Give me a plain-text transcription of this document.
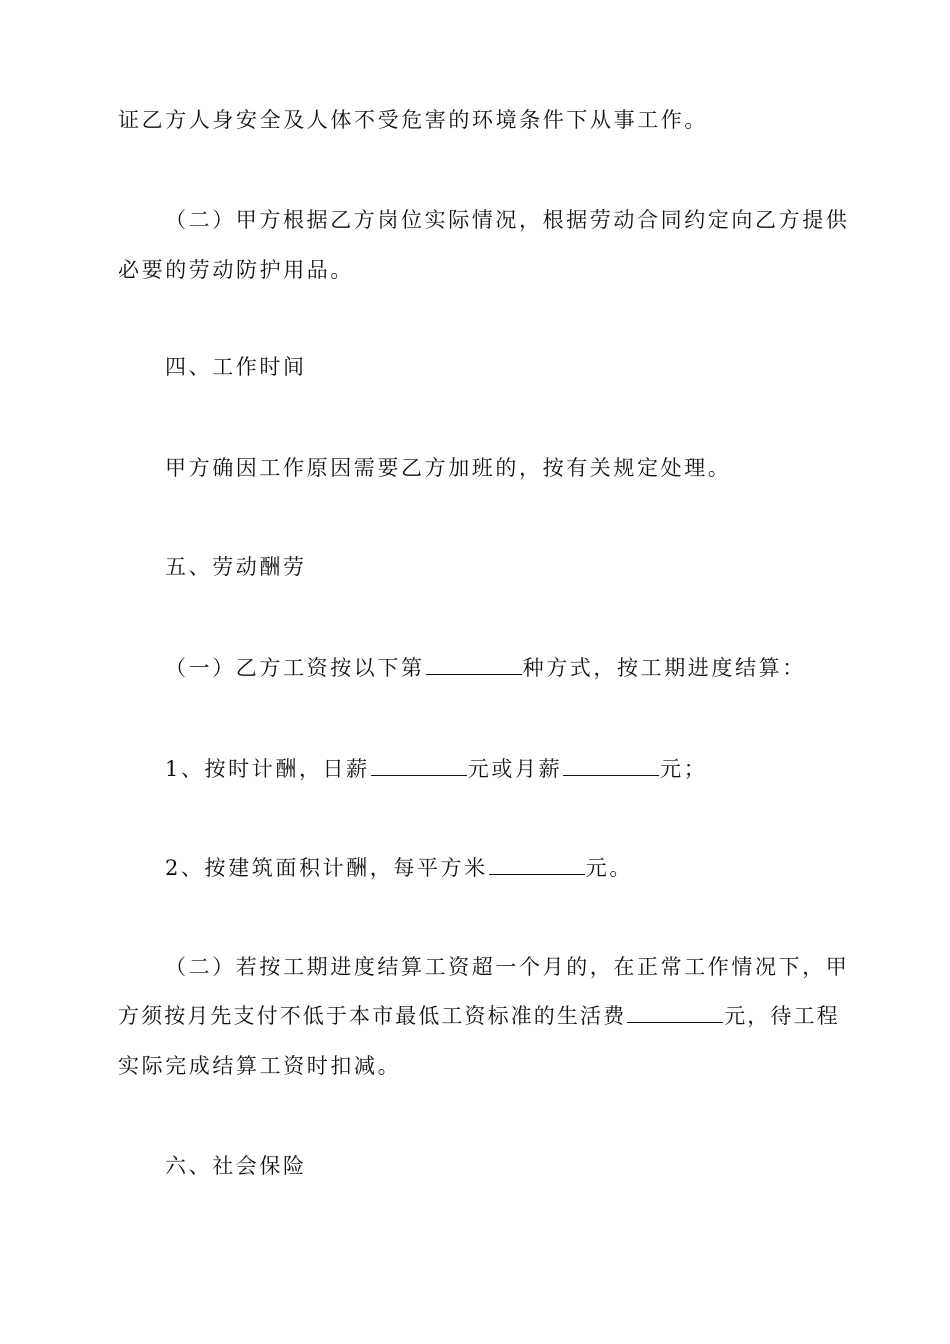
证乙方人身安全及人体不受危害的环境条件下从事工作。
（二）甲方根据乙方岗位实际情况，根据劳动合同约定向乙方提供
必要的劳动防护用品。
四、工作时间
甲方确因工作原因需要乙方加班的，按有关规定处理。
五、劳动酬劳
（一）乙方工资按以下第	种方式，按工期进度结算：
1、按时计酬，日薪	元或月薪	元；
2、按建筑面积计酬，每平方米	元。
（二）若按工期进度结算工资超一个月的，在正常工作情况下，甲
方须按月先支付不低于本市最低工资标准的生活费	元，待工程
实际完成结算工资时扣减。
六、社会保险
